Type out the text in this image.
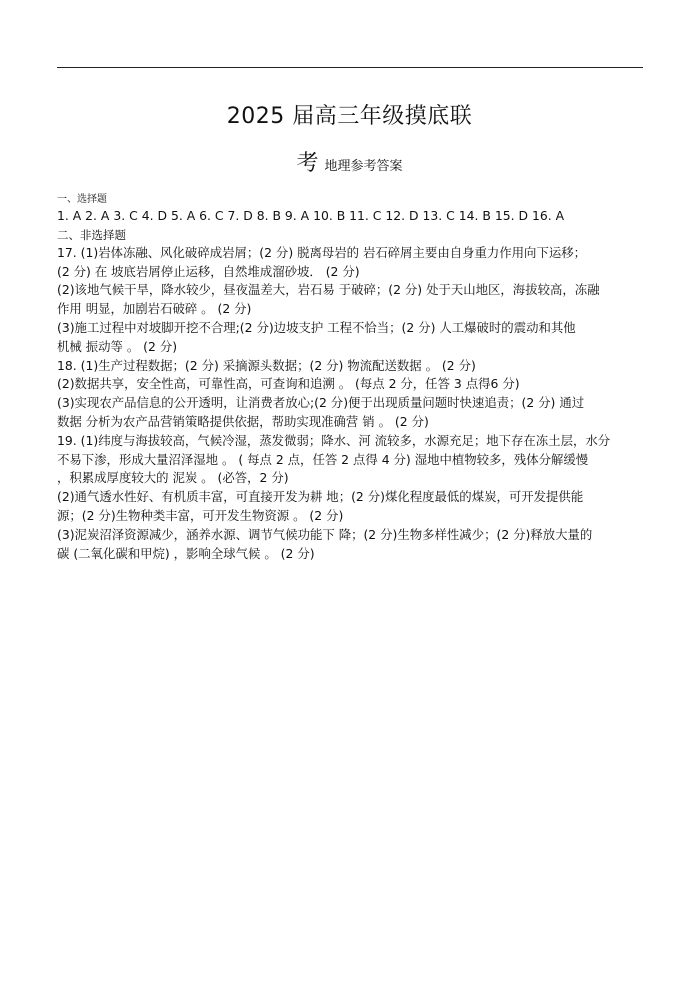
2025 届高三年级摸底联
考地理参考答案
一、选择题
1. A 2. A 3. C 4. D 5. A 6. C 7. D 8. B 9. A 10. B 11. C 12. D 13. C 14. B 15. D 16. A
二、非选择题
17. (1)岩体冻融、风化破碎成岩屑；(2 分) 脱离母岩的 岩石碎屑主要由自身重力作用向下运移；
(2 分) 在 坡底岩屑停止运移，自然堆成溜砂坡． (2 分)
(2)该地气候干旱，降水较少，昼夜温差大，岩石易 于破碎；(2 分) 处于天山地区，海拔较高，冻融
作用 明显，加剧岩石破碎 。 (2 分)
(3)施工过程中对坡脚开挖不合理;(2 分)边坡支护 工程不恰当；(2 分) 人工爆破时的震动和其他
机械 振动等 。 (2 分)
18. (1)生产过程数据；(2 分) 采摘源头数据；(2 分) 物流配送数据 。 (2 分)
(2)数据共享，安全性高，可靠性高，可查询和追溯 。 (每点 2 分，任答 3 点得6 分)
(3)实现农产品信息的公开透明，让消费者放心;(2 分)便于出现质量问题时快速追责；(2 分) 通过
数据 分析为农产品营销策略提供依据，帮助实现准确营 销 。 (2 分)
19. (1)纬度与海拔较高，气候冷湿，蒸发微弱；降水、河 流较多，水源充足；地下存在冻土层，水分
不易下渗，形成大量沼泽湿地 。 ( 每点 2 点，任答 2 点得 4 分) 湿地中植物较多，残体分解缓慢
，积累成厚度较大的 泥炭 。 (必答，2 分)
(2)通气透水性好、有机质丰富，可直接开发为耕 地；(2 分)煤化程度最低的煤炭，可开发提供能
源；(2 分)生物种类丰富，可开发生物资源 。 (2 分)
(3)泥炭沼泽资源减少，涵养水源、调节气候功能下 降；(2 分)生物多样性减少；(2 分)释放大量的
碳 (二氧化碳和甲烷) ，影响全球气候 。 (2 分)
